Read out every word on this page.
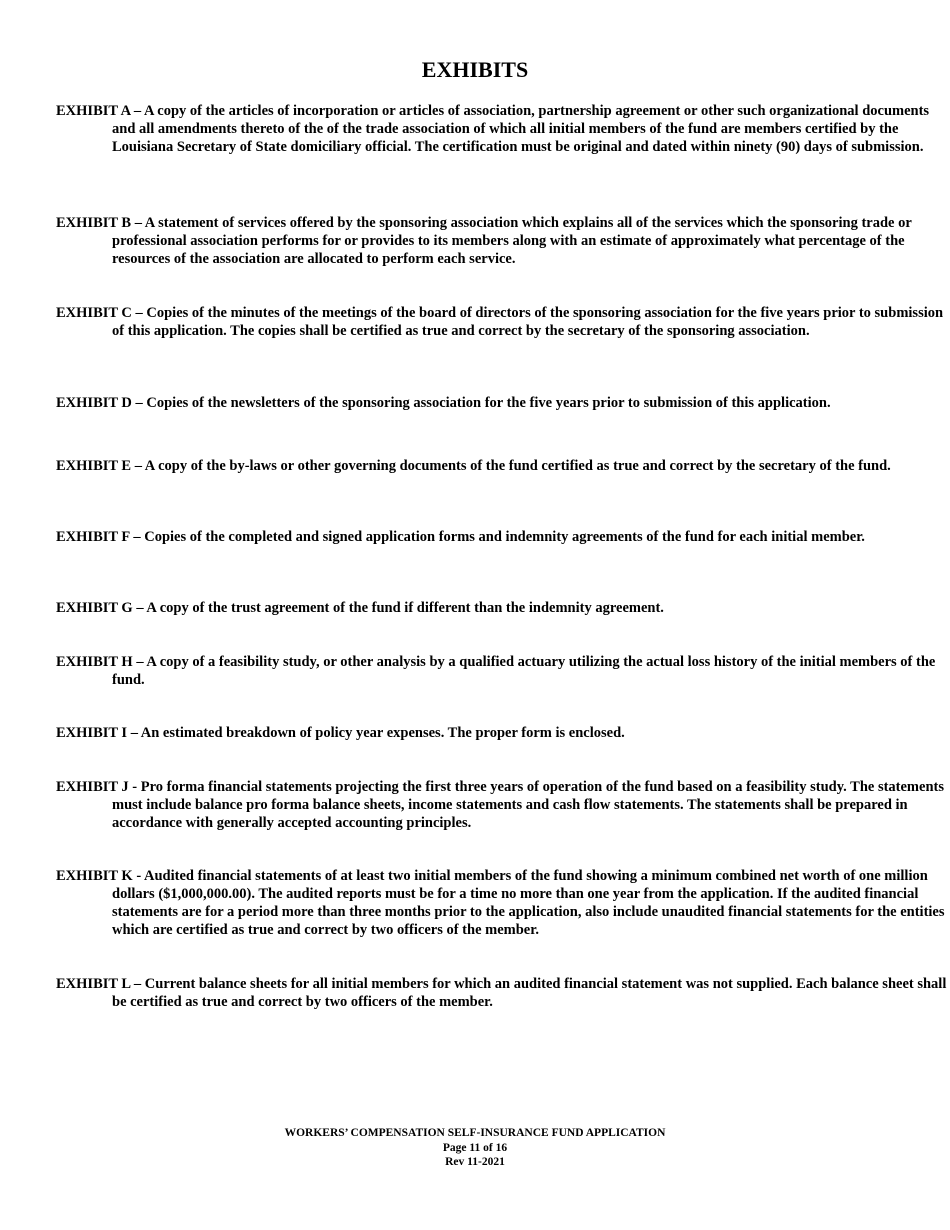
EXHIBITS

EXHIBIT A – A copy of the articles of incorporation or articles of association, partnership agreement or other such organizational documents and all amendments thereto of the of the trade association of which all initial members of the fund are members certified by the Louisiana Secretary of State domiciliary official. The certification must be original and dated within ninety (90) days of submission.

EXHIBIT B – A statement of services offered by the sponsoring association which explains all of the services which the sponsoring trade or professional association performs for or provides to its members along with an estimate of approximately what percentage of the resources of the association are allocated to perform each service.

EXHIBIT C – Copies of the minutes of the meetings of the board of directors of the sponsoring association for the five years prior to submission of this application. The copies shall be certified as true and correct by the secretary of the sponsoring association.

EXHIBIT D – Copies of the newsletters of the sponsoring association for the five years prior to submission of this application.

EXHIBIT E – A copy of the by-laws or other governing documents of the fund certified as true and correct by the secretary of the fund.

EXHIBIT F – Copies of the completed and signed application forms and indemnity agreements of the fund for each initial member.

EXHIBIT G – A copy of the trust agreement of the fund if different than the indemnity agreement.

EXHIBIT H – A copy of a feasibility study, or other analysis by a qualified actuary utilizing the actual loss history of the initial members of the fund.

EXHIBIT I – An estimated breakdown of policy year expenses. The proper form is enclosed.

EXHIBIT J - Pro forma financial statements projecting the first three years of operation of the fund based on a feasibility study. The statements must include balance pro forma balance sheets, income statements and cash flow statements. The statements shall be prepared in accordance with generally accepted accounting principles.

EXHIBIT K - Audited financial statements of at least two initial members of the fund showing a minimum combined net worth of one million dollars ($1,000,000.00). The audited reports must be for a time no more than one year from the application. If the audited financial statements are for a period more than three months prior to the application, also include unaudited financial statements for the entities which are certified as true and correct by two officers of the member.

EXHIBIT L – Current balance sheets for all initial members for which an audited financial statement was not supplied. Each balance sheet shall be certified as true and correct by two officers of the member.

WORKERS’ COMPENSATION SELF-INSURANCE FUND APPLICATION
Page 11 of 16
Rev 11-2021
